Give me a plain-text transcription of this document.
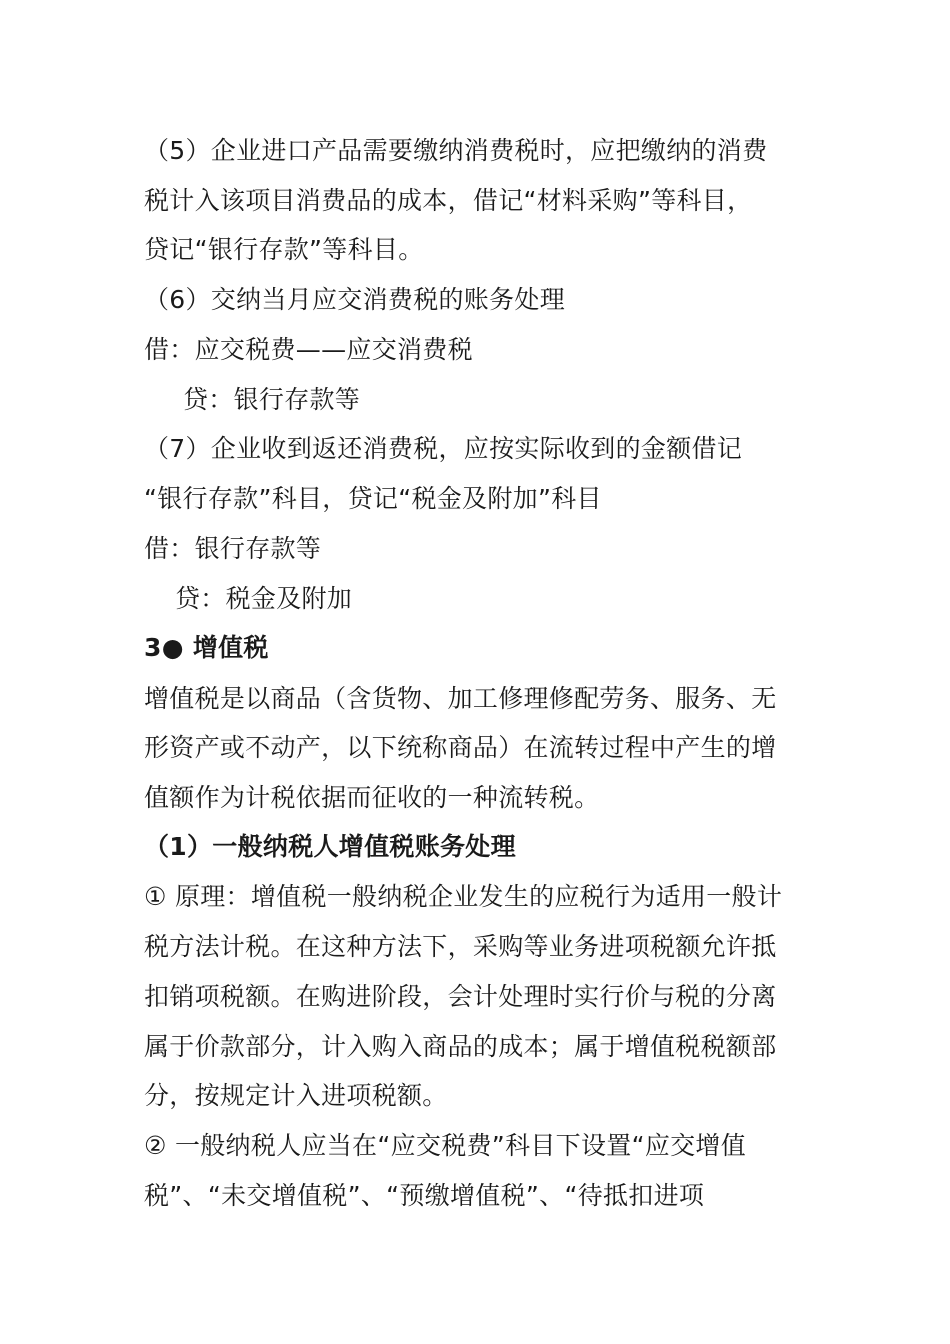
（5）企业进口产品需要缴纳消费税时，应把缴纳的消费
税计入该项目消费品的成本，借记“材料采购”等科目，
贷记“银行存款”等科目。
（6）交纳当月应交消费税的账务处理
借：应交税费——应交消费税
贷：银行存款等
（7）企业收到返还消费税，应按实际收到的金额借记
“银行存款”科目，贷记“税金及附加”科目
借：银行存款等
贷：税金及附加
3● 增值税
增值税是以商品（含货物、加工修理修配劳务、服务、无
形资产或不动产，以下统称商品）在流转过程中产生的增
值额作为计税依据而征收的一种流转税。
（1）一般纳税人增值税账务处理
① 原理：增值税一般纳税企业发生的应税行为适用一般计
税方法计税。在这种方法下，采购等业务进项税额允许抵
扣销项税额。在购进阶段，会计处理时实行价与税的分离
属于价款部分，计入购入商品的成本；属于增值税税额部
分，按规定计入进项税额。
② 一般纳税人应当在“应交税费”科目下设置“应交增值
税”、“未交增值税”、“预缴增值税”、“待抵扣进项
